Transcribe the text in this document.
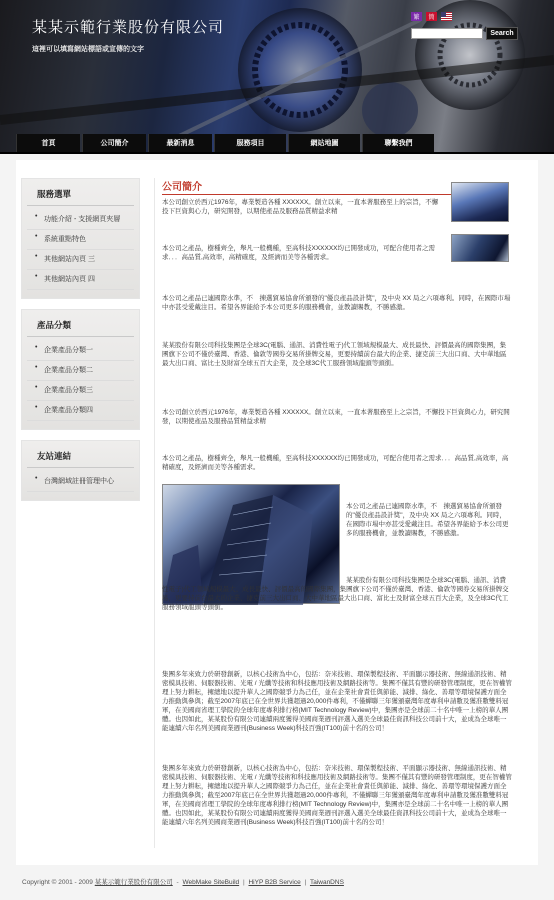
某某示範行業股份有限公司
這裡可以填寫網站標語或宣傳的文字
繁 簡
Search
首頁	公司簡介	最新消息	服務項目	網站地圖	聯繫我們
服務選單
• 功能介紹 - 支援網頁夾層
• 系統重點特色
• 其他網站內頁 三
• 其他網站內頁 四
產品分類
• 企業產品分類一
• 企業產品分類二
• 企業產品分類三
• 企業產品分類四
友站連結
• 台灣網域註冊管理中心
公司簡介
本公司創立於西元1976年，專業製造各種 XXXXXX。創立以來，一直本著服務至上的宗旨，不懈投下巨資與心力，研究開發，以期使產品及服務品質精益求精
本公司之產品，樹種齊全，舉凡一般機種，至高科技XXXXXX均已開發成功，可配合使用者之需求．．．高品質,高效率，高精確度，及經濟而美等各種需求。
本公司之產品已連國際水準，不　揀選貿易協會所頒發的"優良產品設計獎"，及中央 XX 局之六項專利。同時，在國際市場中亦甚受愛戴注目。希望各界能給予本公司更多的服務機會，並教讀賜教，不勝感激。
某某股份有限公司科技集團是全球3C(電腦、通訊、消費性電子)代工領域規模最大、成長最快、評價最高的國際集團，集團旗下公司不僅於臺灣、香港、倫敦等國券交易所掛牌交易，更要持續前台最大的企業、捷克前三大出口商、大中華地區最大出口商、富比士及財富全球五百大企業，及全球3C代工服務領域龍頭等頭銜。
本公司創立於西元1976年，專業製造各種 XXXXXX。創立以來，一直本著服務至上之宗旨，不懈投下巨資與心力，研究開發，以期使產品及服務品質精益求精
本公司之產品，樹種齊全，舉凡一般機種，至高科技XXXXXX均已開發成功，可配合使用者之需求．．．高品質,高效率，高精確度，及經濟而美等各種需求。
本公司之產品已連國際水準，不　揀選貿易協會所頒發的"優良產品設計獎"，及中央 XX 局之六項專利。同時，在國際市場中亦甚受愛戴注目。希望各界能給予本公司更多的服務機會，並教讀賜教，不勝感激。
某某股份有限公司科技集團是全球3C(電腦、通訊、消費性電子)代工領域規模最大、成長最快、評價最高的國際集團，集團旗下公司不僅於臺灣、香港、倫敦等國券交易所掛牌交易，更要持前台最大的企業、捷克前三大出口商、大中華地區最大出口商、富比士及財富全球五百大企業，及全球3C代工服務領域龍頭等頭銜。
集團多年來致力於研發創新，以核心技術為中心，包括：奈米技術、環保製程技術、平面顯示器技術、無線通訊技術、精密模具技術、伺服器技術、光電 / 光纖等技術和科技應用技術及網路技術等。集團不僅其有豐的研發管理制度，更在智權管理上努力耕耘，擁總地以提升華人之國際競爭力為己任，並在企業社會責任與節能、減排、綠化、善環等環境保護方面全力推動與參與；截至2007年底已在全世界共獲超過20,000件專利，不僅蟬聯三年獲頒臺灣年度專利申請數及獲准數雙料冠軍，在美國商省理工學院的全球年度專利排行榜(MIT Technology Review)中，集團亦是全球前二十名中唯一上榜的華人團體。也因如此，某某股份有限公司連續兩度獲得美國商業週刊評選入選美全球最佳資訊科技公司前十大，並成為全球唯一能連續六年名列美國商業週刊(Business Week)科技百強(IT100)前十名的公司！
集團多年來致力於研發創新，以核心技術為中心，包括：奈米技術、環保製程技術、平面顯示器技術、無線通訊技術、精密模具技術、伺服器技術、光電 / 光纖等技術和科技應用技術及網路技術等。集團不僅其有豐的研發管理制度，更在智權管理上努力耕耘，擁總地以提升華人之國際競爭力為己任，並在企業社會責任與節能、減排、綠化、善環等環境保護方面全力推動與參與；截至2007年底已在全世界共獲超過20,000件專利，不僅蟬聯三年獲頒臺灣年度專利申請數及獲准數雙料冠軍，在美國商省理工學院的全球年度專利排行榜(MIT Technology Review)中，集團亦是全球前二十名中唯一上榜的華人團體。也因如此，某某股份有限公司連續兩度獲得美國商業週刊評選入選美全球最佳資訊科技公司前十大，並成為全球唯一能連續六年名列美國商業週刊(Business Week)科技百強(IT100)前十名的公司！
Copyright © 2001 - 2009 某某示範行業股份有限公司 - WebMake SiteBuild | HiYP B2B Service | TaiwanDNS
